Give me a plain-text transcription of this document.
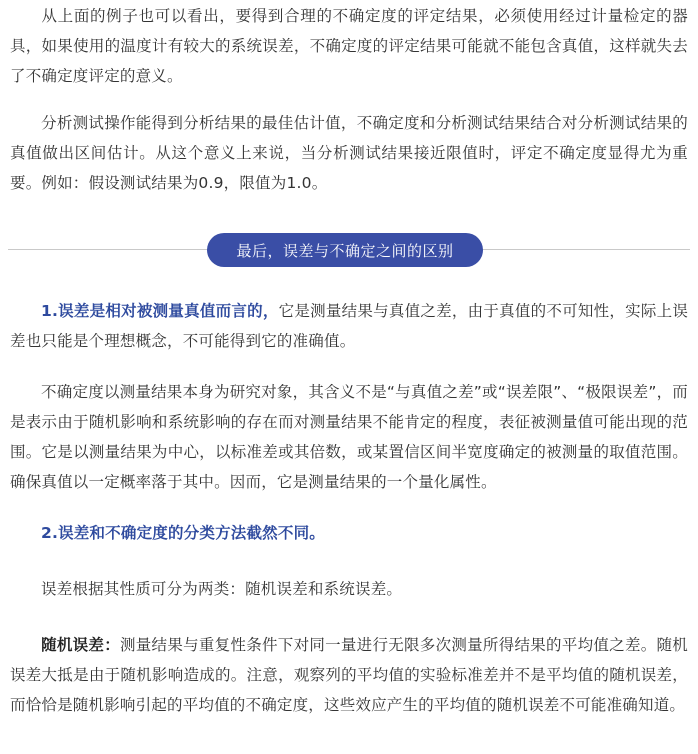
从上面的例子也可以看出，要得到合理的不确定度的评定结果，必须使用经过计量检定的器具，如果使用的温度计有较大的系统误差，不确定度的评定结果可能就不能包含真值，这样就失去了不确定度评定的意义。

分析测试操作能得到分析结果的最佳估计值，不确定度和分析测试结果结合对分析测试结果的真值做出区间估计。从这个意义上来说，当分析测试结果接近限值时，评定不确定度显得尤为重要。例如：假设测试结果为0.9，限值为1.0。

最后，误差与不确定之间的区别

1.误差是相对被测量真值而言的，它是测量结果与真值之差，由于真值的不可知性，实际上误差也只能是个理想概念，不可能得到它的准确值。

不确定度以测量结果本身为研究对象，其含义不是“与真值之差”或“误差限”、“极限误差”，而是表示由于随机影响和系统影响的存在而对测量结果不能肯定的程度，表征被测量值可能出现的范围。它是以测量结果为中心，以标准差或其倍数，或某置信区间半宽度确定的被测量的取值范围。确保真值以一定概率落于其中。因而，它是测量结果的一个量化属性。

2.误差和不确定度的分类方法截然不同。

误差根据其性质可分为两类：随机误差和系统误差。

随机误差：测量结果与重复性条件下对同一量进行无限多次测量所得结果的平均值之差。随机误差大抵是由于随机影响造成的。注意，观察列的平均值的实验标准差并不是平均值的随机误差，而恰恰是随机影响引起的平均值的不确定度，这些效应产生的平均值的随机误差不可能准确知道。
